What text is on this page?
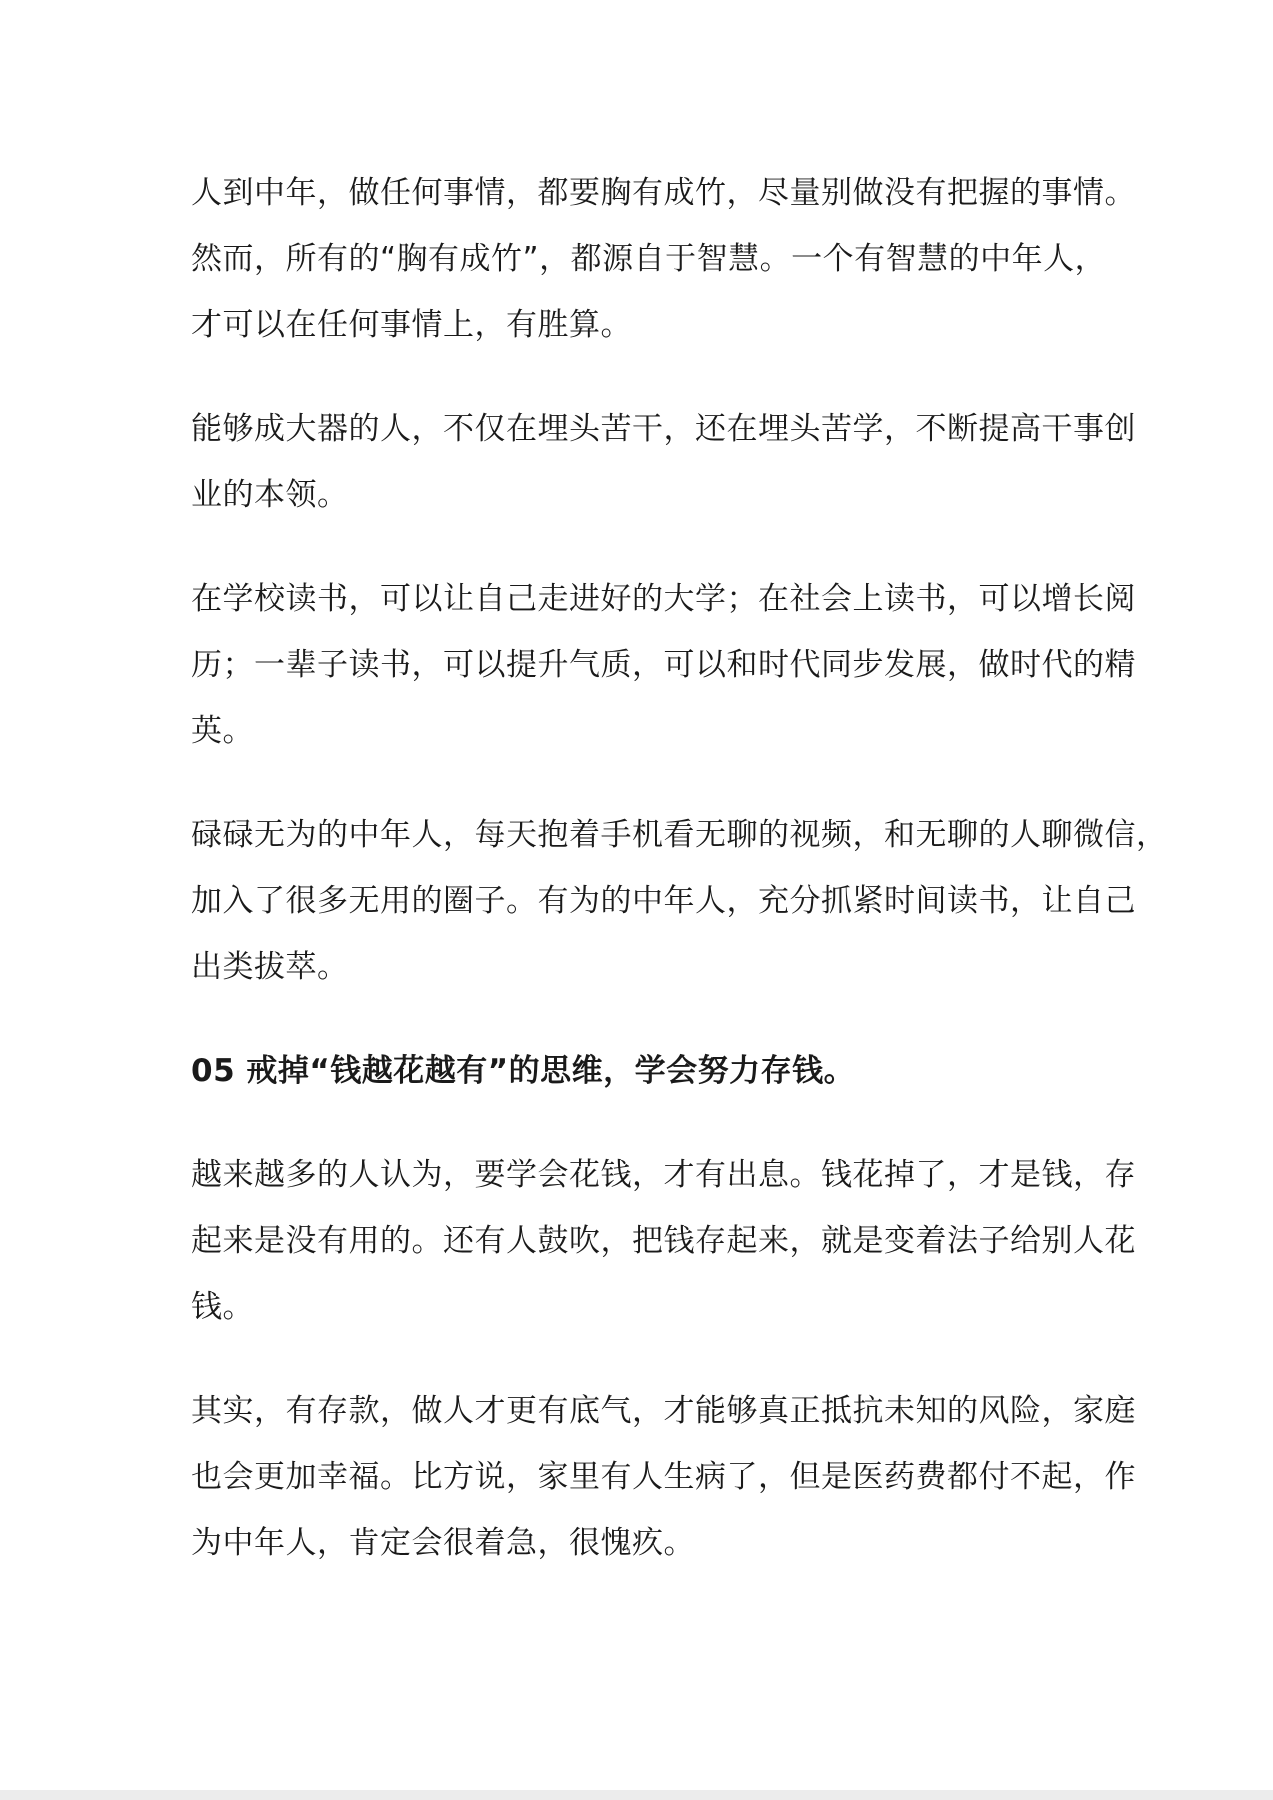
人到中年，做任何事情，都要胸有成竹，尽量别做没有把握的事情。
然而，所有的“胸有成竹”，都源自于智慧。一个有智慧的中年人，
才可以在任何事情上，有胜算。

能够成大器的人，不仅在埋头苦干，还在埋头苦学，不断提高干事创
业的本领。

在学校读书，可以让自己走进好的大学；在社会上读书，可以增长阅
历；一辈子读书，可以提升气质，可以和时代同步发展，做时代的精
英。

碌碌无为的中年人，每天抱着手机看无聊的视频，和无聊的人聊微信，
加入了很多无用的圈子。有为的中年人，充分抓紧时间读书，让自己
出类拔萃。

05 戒掉“钱越花越有”的思维，学会努力存钱。

越来越多的人认为，要学会花钱，才有出息。钱花掉了，才是钱，存
起来是没有用的。还有人鼓吹，把钱存起来，就是变着法子给别人花
钱。

其实，有存款，做人才更有底气，才能够真正抵抗未知的风险，家庭
也会更加幸福。比方说，家里有人生病了，但是医药费都付不起，作
为中年人，肯定会很着急，很愧疚。
